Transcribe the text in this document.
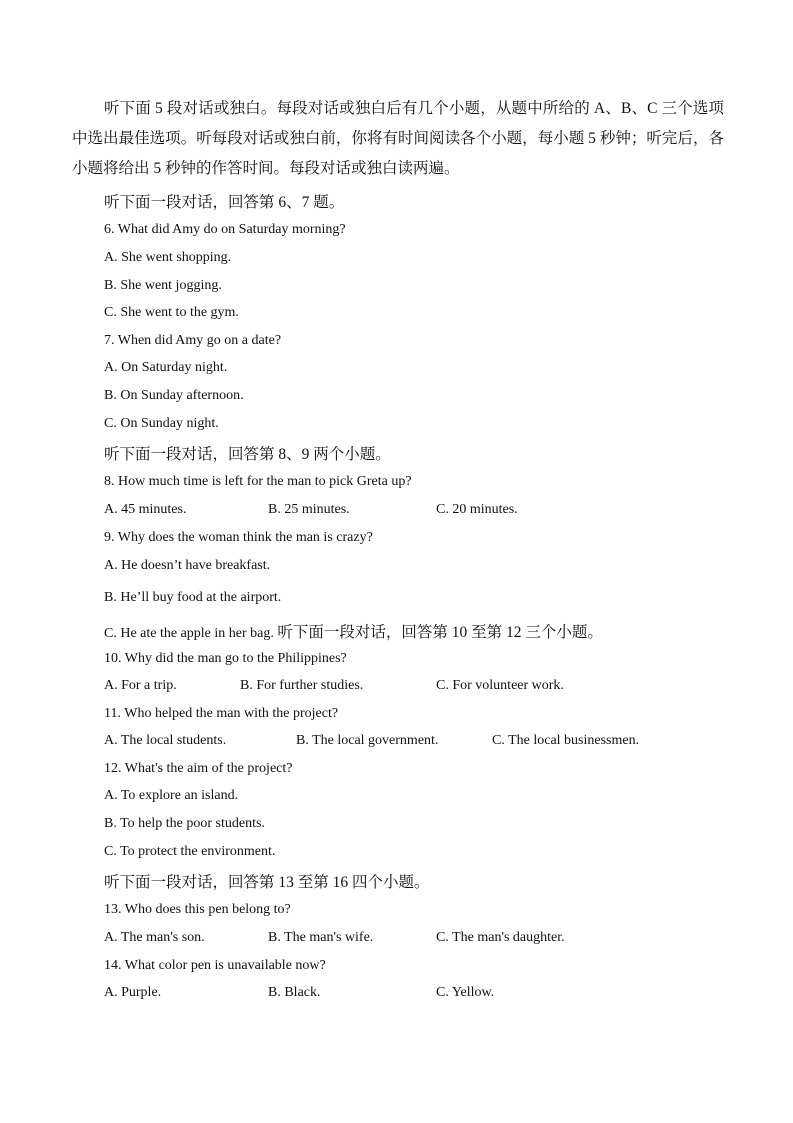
听下面 5 段对话或独白。每段对话或独白后有几个小题，从题中所给的 A、B、C 三个选项中选出最佳选项。听每段对话或独白前，你将有时间阅读各个小题，每小题 5 秒钟；听完后，各小题将给出 5 秒钟的作答时间。每段对话或独白读两遍。

听下面一段对话，回答第 6、7 题。

6. What did Amy do on Saturday morning?

A. She went shopping.

B. She went jogging.

C. She went to the gym.

7. When did Amy go on a date?

A. On Saturday night.

B. On Sunday afternoon.

C. On Sunday night.

听下面一段对话，回答第 8、9 两个小题。

8. How much time is left for the man to pick Greta up?

A. 45 minutes.	B. 25 minutes.	C. 20 minutes.

9. Why does the woman think the man is crazy?

A. He doesn’t have breakfast.

B. He’ll buy food at the airport.

C. He ate the apple in her bag. 听下面一段对话，回答第 10 至第 12 三个小题。

10. Why did the man go to the Philippines?

A. For a trip.	B. For further studies.	C. For volunteer work.

11. Who helped the man with the project?

A. The local students.	B. The local government.	C. The local businessmen.

12. What's the aim of the project?

A. To explore an island.

B. To help the poor students.

C. To protect the environment.

听下面一段对话，回答第 13 至第 16 四个小题。

13. Who does this pen belong to?

A. The man's son.	B. The man's wife.	C. The man's daughter.

14. What color pen is unavailable now?

A. Purple.	B. Black.	C. Yellow.
